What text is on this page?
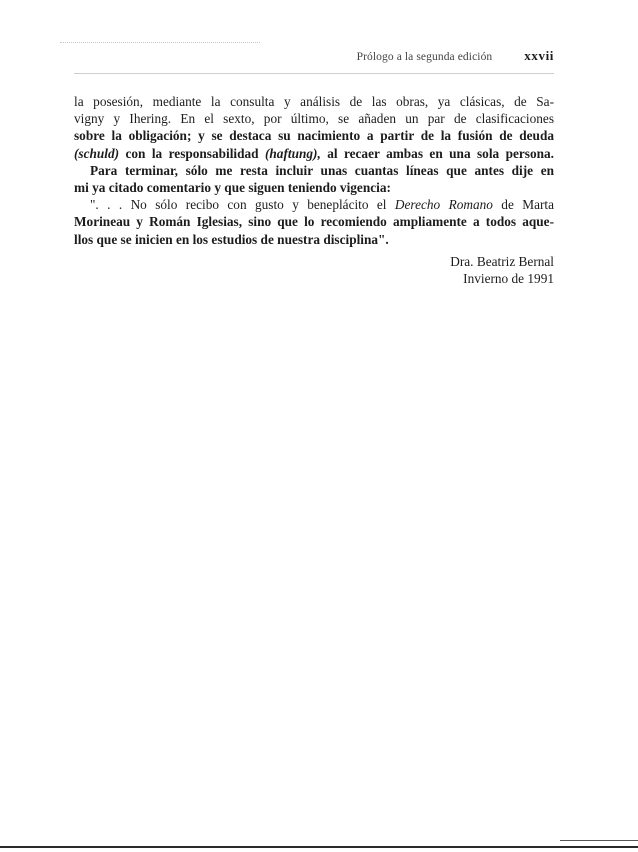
Prólogo a la segunda edición xxvii
la posesión, mediante la consulta y análisis de las obras, ya clásicas, de Sa-
vigny y Ihering. En el sexto, por último, se añaden un par de clasificaciones
sobre la obligación; y se destaca su nacimiento a partir de la fusión de deuda
(schuld) con la responsabilidad (haftung), al recaer ambas en una sola persona.
Para terminar, sólo me resta incluir unas cuantas líneas que antes dije en
mi ya citado comentario y que siguen teniendo vigencia:
". . . No sólo recibo con gusto y beneplácito el Derecho Romano de Marta
Morineau y Román Iglesias, sino que lo recomiendo ampliamente a todos aque-
llos que se inicien en los estudios de nuestra disciplina".
Dra. Beatriz Bernal
Invierno de 1991
